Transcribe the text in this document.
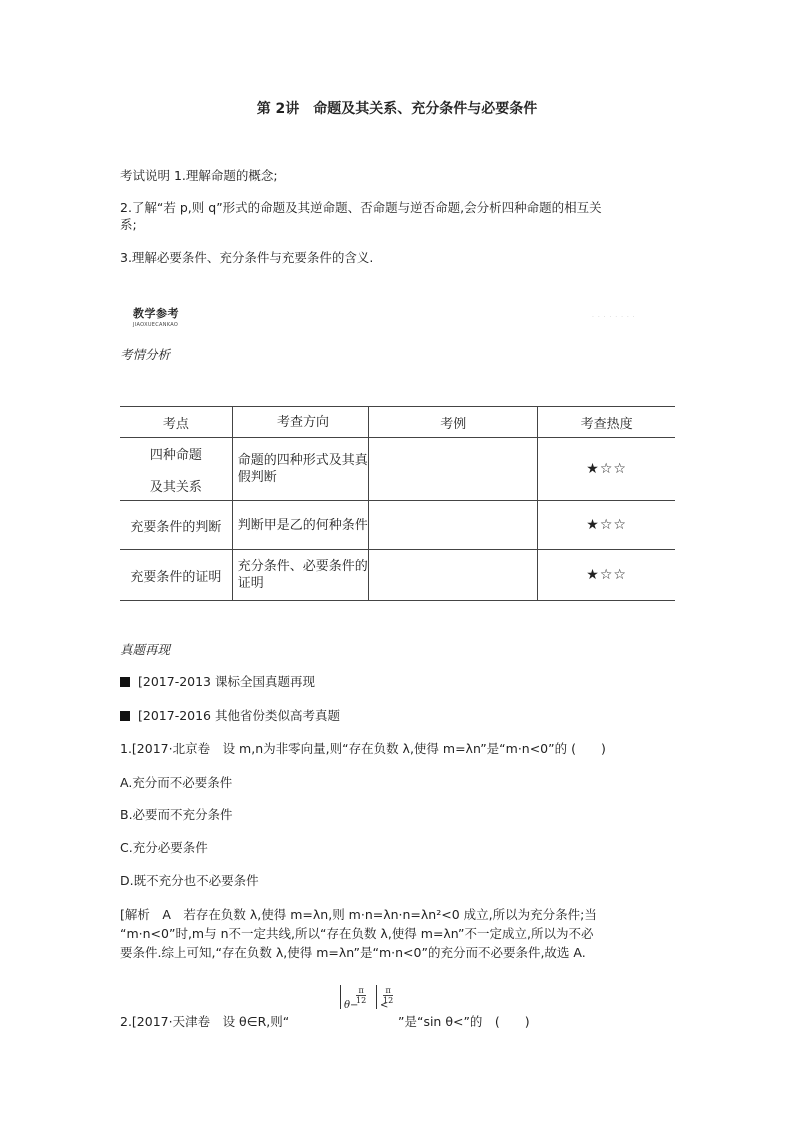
第 2讲　命题及其关系、充分条件与必要条件
考试说明 1.理解命题的概念;
2.了解“若 p,则 q”形式的命题及其逆命题、否命题与逆否命题,会分析四种命题的相互关
系;
3.理解必要条件、充分条件与充要条件的含义.
教学参考
JIAOXUECANKAO
· · · · · · · ·
考情分析
考点	考查方向	考例	考查热度
四种命题
及其关系	命题的四种形式及其真假判断		★☆☆
充要条件的判断	判断甲是乙的何种条件		★☆☆
充要条件的证明	充分条件、必要条件的证明		★☆☆
真题再现
[2017-2013 课标全国真题再现
[2017-2016 其他省份类似高考真题
1.[2017·北京卷　设 m,n为非零向量,则“存在负数 λ,使得 m=λn”是“m·n<0”的 (　　)
A.充分而不必要条件
B.必要而不充分条件
C.充分必要条件
D.既不充分也不必要条件
[解析　A　若存在负数 λ,使得 m=λn,则 m·n=λn·n=λn²<0 成立,所以为充分条件;当
“m·n<0”时,m与 n不一定共线,所以“存在负数 λ,使得 m=λn”不一定成立,所以为不必
要条件.综上可知,“存在负数 λ,使得 m=λn”是“m·n<0”的充分而不必要条件,故选 A.
2.[2017·天津卷　设 θ∈R,则“
θ−
$\frac{\pi}{12} \frac{\pi}{12}$
<
”是“sin θ<”的　(　　)
